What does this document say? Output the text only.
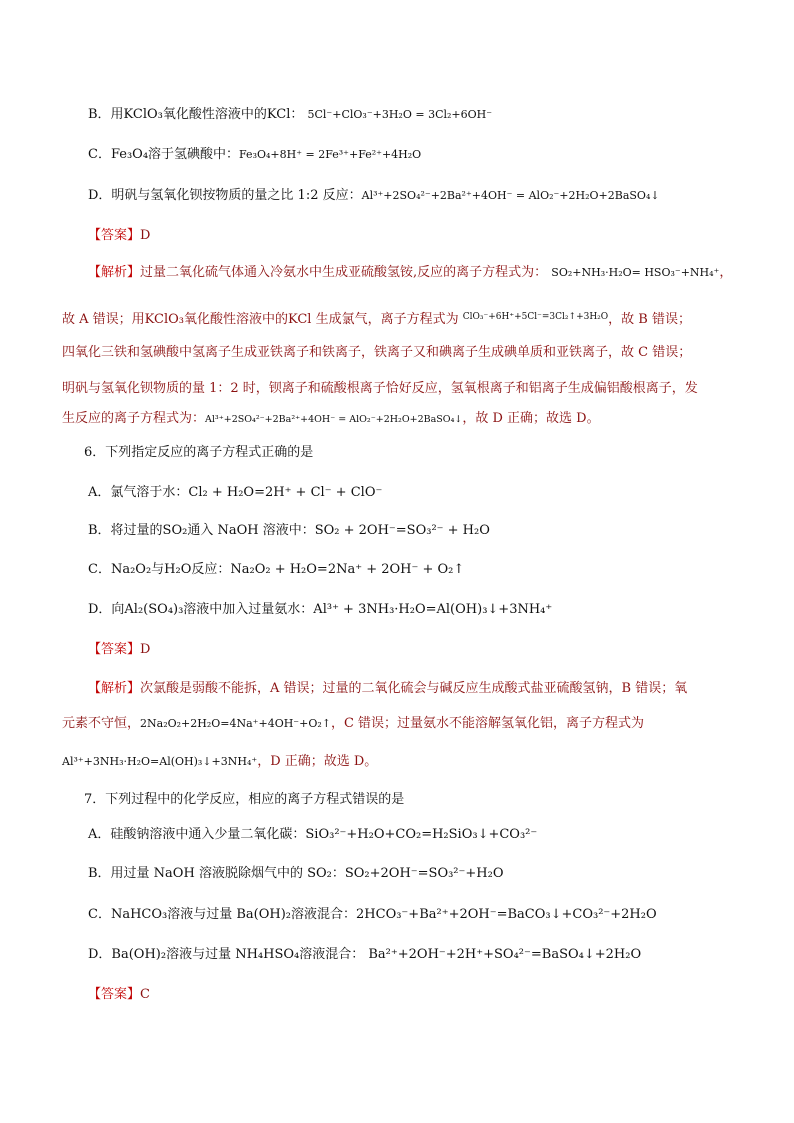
B．用KClO₃氧化酸性溶液中的KCl： 5Cl⁻+ClO₃⁻+3H₂O = 3Cl₂+6OH⁻
C．Fe₃O₄溶于氢碘酸中：Fe₃O₄+8H⁺ = 2Fe³⁺+Fe²⁺+4H₂O
D．明矾与氢氧化钡按物质的量之比 1:2 反应：Al³⁺+2SO₄²⁻+2Ba²⁺+4OH⁻ = AlO₂⁻+2H₂O+2BaSO₄↓
【答案】D
【解析】过量二氧化硫气体通入冷氨水中生成亚硫酸氢铵,反应的离子方程式为： SO₂+NH₃·H₂O= HSO₃⁻+NH₄⁺，
故 A 错误；用KClO₃氧化酸性溶液中的KCl 生成氯气，离子方程式为 $^{ClO_3^-+6H^++5Cl^-=3Cl_2↑+3H_2O}$，故 B 错误；
四氧化三铁和氢碘酸中氢离子生成亚铁离子和铁离子，铁离子又和碘离子生成碘单质和亚铁离子，故 C 错误；
明矾与氢氧化钡物质的量 1：2 时，钡离子和硫酸根离子恰好反应，氢氧根离子和铝离子生成偏铝酸根离子，发
生反应的离子方程式为：Al³⁺+2SO₄²⁻+2Ba²⁺+4OH⁻ = AlO₂⁻+2H₂O+2BaSO₄↓，故 D 正确；故选 D。
6．下列指定反应的离子方程式正确的是
A．氯气溶于水：Cl₂ + H₂O=2H⁺ + Cl⁻ + ClO⁻
B．将过量的SO₂通入 NaOH 溶液中：SO₂ + 2OH⁻=SO₃²⁻ + H₂O
C．Na₂O₂与H₂O反应：Na₂O₂ + H₂O=2Na⁺ + 2OH⁻ + O₂↑
D．向Al₂(SO₄)₃溶液中加入过量氨水：Al³⁺ + 3NH₃·H₂O=Al(OH)₃↓+3NH₄⁺
【答案】D
【解析】次氯酸是弱酸不能拆，A 错误；过量的二氧化硫会与碱反应生成酸式盐亚硫酸氢钠，B 错误；氧
元素不守恒，2Na₂O₂+2H₂O=4Na⁺+4OH⁻+O₂↑，C 错误；过量氨水不能溶解氢氧化铝，离子方程式为
Al³⁺+3NH₃·H₂O=Al(OH)₃↓+3NH₄⁺，D 正确；故选 D。
7．下列过程中的化学反应，相应的离子方程式错误的是
A．硅酸钠溶液中通入少量二氧化碳：SiO₃²⁻+H₂O+CO₂=H₂SiO₃↓+CO₃²⁻
B．用过量 NaOH 溶液脱除烟气中的 SO₂：SO₂+2OH⁻=SO₃²⁻+H₂O
C．NaHCO₃溶液与过量 Ba(OH)₂溶液混合：2HCO₃⁻+Ba²⁺+2OH⁻=BaCO₃↓+CO₃²⁻+2H₂O
D．Ba(OH)₂溶液与过量 NH₄HSO₄溶液混合： Ba²⁺+2OH⁻+2H⁺+SO₄²⁻=BaSO₄↓+2H₂O
【答案】C
